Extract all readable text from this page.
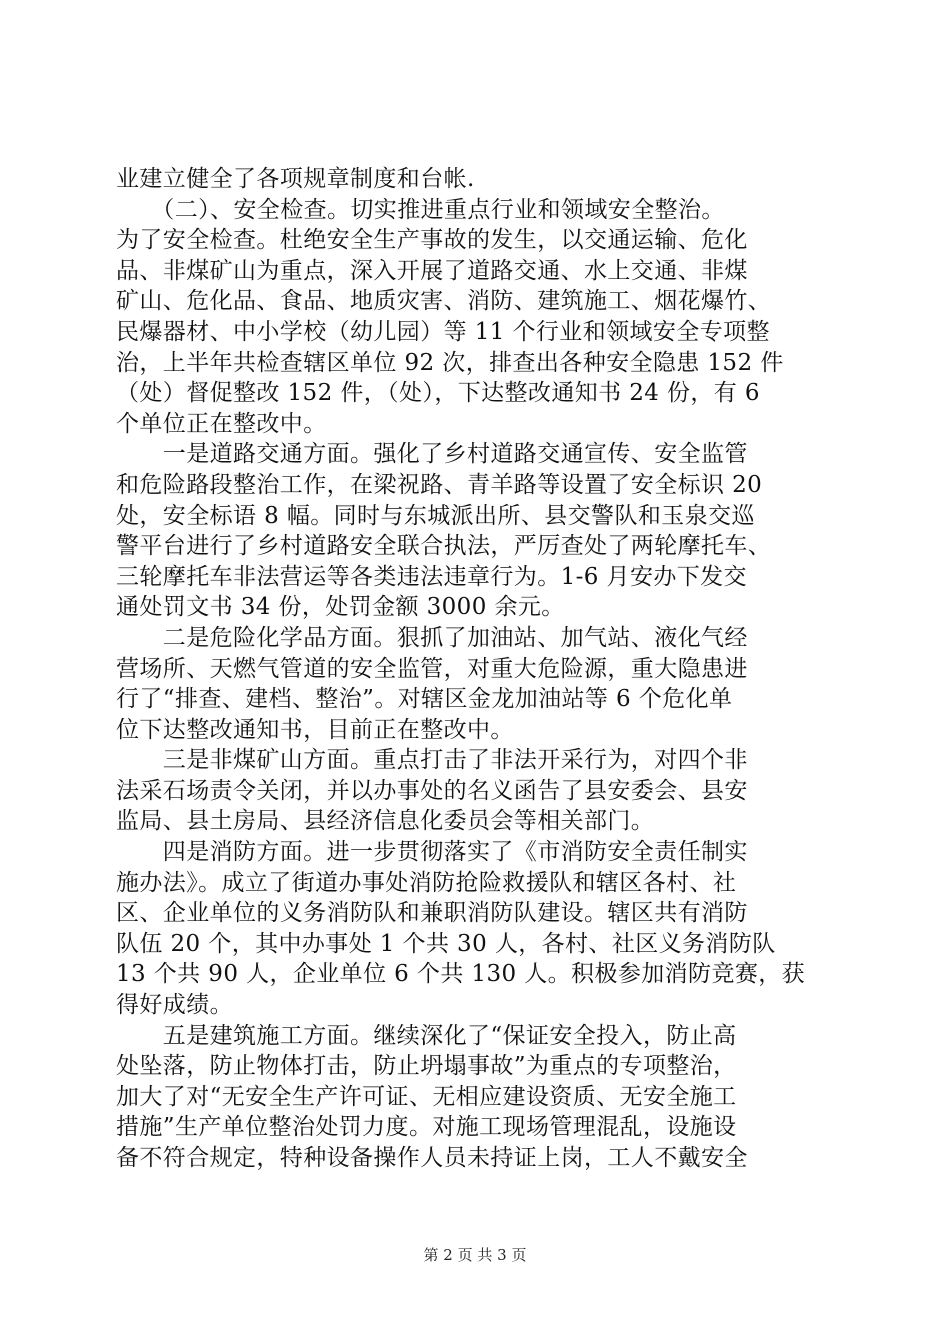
业建立健全了各项规章制度和台帐.
　　（二）、安全检查。切实推进重点行业和领域安全整治。
为了安全检查。杜绝安全生产事故的发生，以交通运输、危化
品、非煤矿山为重点，深入开展了道路交通、水上交通、非煤
矿山、危化品、食品、地质灾害、消防、建筑施工、烟花爆竹、
民爆器材、中小学校（幼儿园）等 11 个行业和领域安全专项整
治，上半年共检查辖区单位 92 次，排查出各种安全隐患 152 件
（处）督促整改 152 件，（处），下达整改通知书 24 份，有 6
个单位正在整改中。
　　一是道路交通方面。强化了乡村道路交通宣传、安全监管
和危险路段整治工作，在梁祝路、青羊路等设置了安全标识 20
处，安全标语 8 幅。同时与东城派出所、县交警队和玉泉交巡
警平台进行了乡村道路安全联合执法，严厉查处了两轮摩托车、
三轮摩托车非法营运等各类违法违章行为。1-6 月安办下发交
通处罚文书 34 份，处罚金额 3000 余元。
　　二是危险化学品方面。狠抓了加油站、加气站、液化气经
营场所、天燃气管道的安全监管，对重大危险源，重大隐患进
行了“排查、建档、整治”。对辖区金龙加油站等 6 个危化单
位下达整改通知书，目前正在整改中。
　　三是非煤矿山方面。重点打击了非法开采行为，对四个非
法采石场责令关闭，并以办事处的名义函告了县安委会、县安
监局、县土房局、县经济信息化委员会等相关部门。
　　四是消防方面。进一步贯彻落实了《市消防安全责任制实
施办法》。成立了街道办事处消防抢险救援队和辖区各村、社
区、企业单位的义务消防队和兼职消防队建设。辖区共有消防
队伍 20 个，其中办事处 1 个共 30 人，各村、社区义务消防队
13 个共 90 人，企业单位 6 个共 130 人。积极参加消防竞赛，获
得好成绩。
　　五是建筑施工方面。继续深化了“保证安全投入，防止高
处坠落，防止物体打击，防止坍塌事故”为重点的专项整治，
加大了对“无安全生产许可证、无相应建设资质、无安全施工
措施”生产单位整治处罚力度。对施工现场管理混乱，设施设
备不符合规定，特种设备操作人员未持证上岗，工人不戴安全
第 2 页 共 3 页
